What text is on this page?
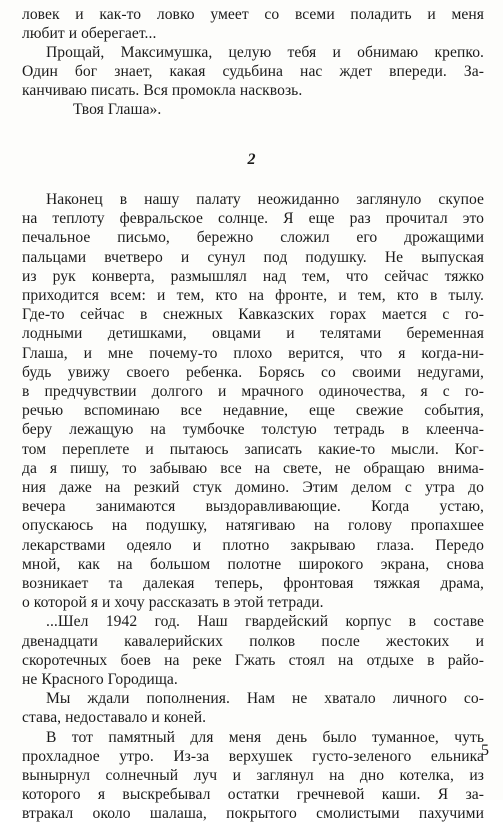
ловек и как-то ловко умеет со всеми поладить и меня
любит и оберегает...
Прощай, Максимушка, целую тебя и обнимаю крепко.
Один бог знает, какая судьбина нас ждет впереди. За-
канчиваю писать. Вся промокла насквозь.
Твоя Глаша».
2
5
Наконец в нашу палату неожиданно заглянуло скупое
на теплоту февральское солнце. Я еще раз прочитал это
печальное письмо, бережно сложил его дрожащими
пальцами вчетверо и сунул под подушку. Не выпуская
из рук конверта, размышлял над тем, что сейчас тяжко
приходится всем: и тем, кто на фронте, и тем, кто в тылу.
Где-то сейчас в снежных Кавказских горах мается с го-
лодными детишками, овцами и телятами беременная
Глаша, и мне почему-то плохо верится, что я когда-ни-
будь увижу своего ребенка. Борясь со своими недугами,
в предчувствии долгого и мрачного одиночества, я с го-
речью вспоминаю все недавние, еще свежие события,
беру лежащую на тумбочке толстую тетрадь в клеенчa-
том переплете и пытаюсь записать какие-то мысли. Ког-
да я пишу, то забываю все на свете, не обращаю внима-
ния даже на резкий стук домино. Этим делом с утра до
вечера занимаются выздоравливающие. Когда устаю,
опускаюсь на подушку, натягиваю на голову пропахшее
лекарствами одеяло и плотно закрываю глаза. Передо
мной, как на большом полотне широкого экрана, снова
возникает та далекая теперь, фронтовая тяжкая драма,
о которой я и хочу рассказать в этой тетради.
...Шел 1942 год. Наш гвардейский корпус в составе
двенадцати кавалерийских полков после жестоких и
скоротечных боев на реке Гжать стоял на отдыхе в райо-
не Красного Городища.
Мы ждали пополнения. Нам не хватало личного со-
става, недоставало и коней.
В тот памятный для меня день было туманное, чуть
прохладное утро. Из-за верхушек густо-зеленого ельника
вынырнул солнечный луч и заглянул на дно котелка, из
которого я выскребывал остатки гречневой каши. Я за-
втракал около шалаша, покрытого смолистыми пахучими
